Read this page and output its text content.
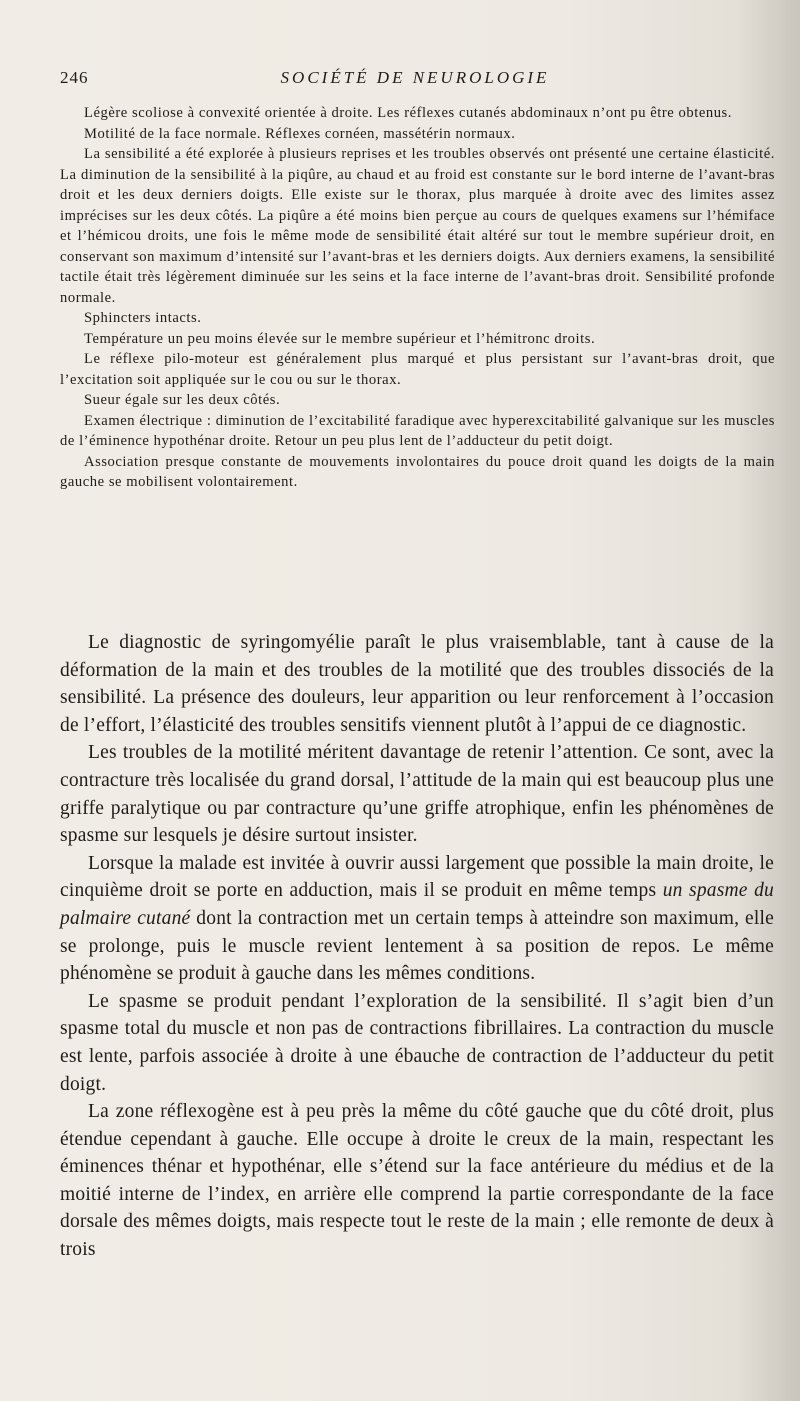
246	SOCIÉTÉ DE NEUROLOGIE

Légère scoliose à convexité orientée à droite. Les réflexes cutanés abdominaux n’ont pu être obtenus.

Motilité de la face normale. Réflexes cornéen, massétérin normaux.

La sensibilité a été explorée à plusieurs reprises et les troubles observés ont présenté une certaine élasticité. La diminution de la sensibilité à la piqûre, au chaud et au froid est constante sur le bord interne de l’avant-bras droit et les deux derniers doigts. Elle existe sur le thorax, plus marquée à droite avec des limites assez imprécises sur les deux côtés. La piqûre a été moins bien perçue au cours de quelques examens sur l’hémiface et l’hémicou droits, une fois le même mode de sensibilité était altéré sur tout le membre supérieur droit, en conservant son maximum d’intensité sur l’avant-bras et les derniers doigts. Aux derniers examens, la sensibilité tactile était très légèrement diminuée sur les seins et la face interne de l’avant-bras droit. Sensibilité profonde normale.

Sphincters intacts.

Température un peu moins élevée sur le membre supérieur et l’hémitronc droits.

Le réflexe pilo-moteur est généralement plus marqué et plus persistant sur l’avant-bras droit, que l’excitation soit appliquée sur le cou ou sur le thorax.

Sueur égale sur les deux côtés.

Examen électrique : diminution de l’excitabilité faradique avec hyperexcitabilité galvanique sur les muscles de l’éminence hypothénar droite. Retour un peu plus lent de l’adducteur du petit doigt.

Association presque constante de mouvements involontaires du pouce droit quand les doigts de la main gauche se mobilisent volontairement.

Le diagnostic de syringomyélie paraît le plus vraisemblable, tant à cause de la déformation de la main et des troubles de la motilité que des troubles dissociés de la sensibilité. La présence des douleurs, leur apparition ou leur renforcement à l’occasion de l’effort, l’élasticité des troubles sensitifs viennent plutôt à l’appui de ce diagnostic.

Les troubles de la motilité méritent davantage de retenir l’attention. Ce sont, avec la contracture très localisée du grand dorsal, l’attitude de la main qui est beaucoup plus une griffe paralytique ou par contracture qu’une griffe atrophique, enfin les phénomènes de spasme sur lesquels je désire surtout insister.

Lorsque la malade est invitée à ouvrir aussi largement que possible la main droite, le cinquième droit se porte en adduction, mais il se produit en même temps un spasme du palmaire cutané dont la contraction met un certain temps à atteindre son maximum, elle se prolonge, puis le muscle revient lentement à sa position de repos. Le même phénomène se produit à gauche dans les mêmes conditions.

Le spasme se produit pendant l’exploration de la sensibilité. Il s’agit bien d’un spasme total du muscle et non pas de contractions fibrillaires. La contraction du muscle est lente, parfois associée à droite à une ébauche de contraction de l’adducteur du petit doigt.

La zone réflexogène est à peu près la même du côté gauche que du côté droit, plus étendue cependant à gauche. Elle occupe à droite le creux de la main, respectant les éminences thénar et hypothénar, elle s’étend sur la face antérieure du médius et de la moitié interne de l’index, en arrière elle comprend la partie correspondante de la face dorsale des mêmes doigts, mais respecte tout le reste de la main ; elle remonte de deux à trois
